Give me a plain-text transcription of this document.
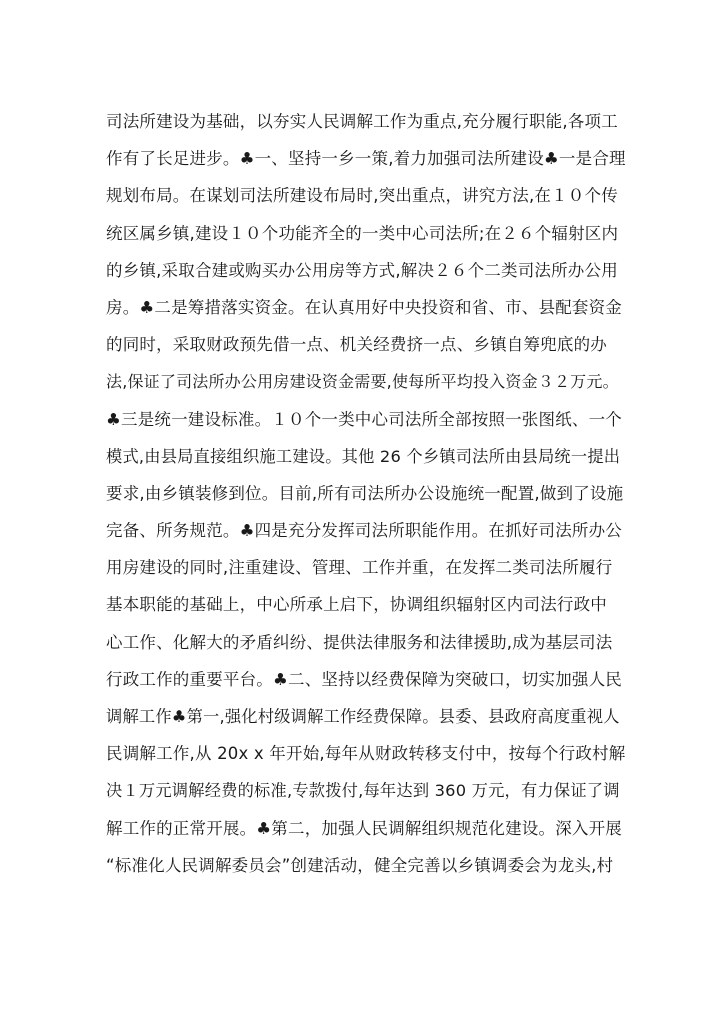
司法所建设为基础，以夯实人民调解工作为重点,充分履行职能,各项工
作有了长足进步。♣一、坚持一乡一策,着力加强司法所建设♣一是合理
规划布局。在谋划司法所建设布局时,突出重点，讲究方法,在１０个传
统区属乡镇,建设１０个功能齐全的一类中心司法所;在２６个辐射区内
的乡镇,采取合建或购买办公用房等方式,解决２６个二类司法所办公用
房。♣二是筹措落实资金。在认真用好中央投资和省、市、县配套资金
的同时，采取财政预先借一点、机关经费挤一点、乡镇自筹兜底的办
法,保证了司法所办公用房建设资金需要,使每所平均投入资金３２万元。
♣三是统一建设标准。１０个一类中心司法所全部按照一张图纸、一个
模式,由县局直接组织施工建设。其他 26 个乡镇司法所由县局统一提出
要求,由乡镇装修到位。目前,所有司法所办公设施统一配置,做到了设施
完备、所务规范。♣四是充分发挥司法所职能作用。在抓好司法所办公
用房建设的同时,注重建设、管理、工作并重，在发挥二类司法所履行
基本职能的基础上，中心所承上启下，协调组织辐射区内司法行政中
心工作、化解大的矛盾纠纷、提供法律服务和法律援助,成为基层司法
行政工作的重要平台。♣二、坚持以经费保障为突破口，切实加强人民
调解工作♣第一,强化村级调解工作经费保障。县委、县政府高度重视人
民调解工作,从 20x x 年开始,每年从财政转移支付中，按每个行政村解
决１万元调解经费的标准,专款拨付,每年达到 360 万元，有力保证了调
解工作的正常开展。♣第二，加强人民调解组织规范化建设。深入开展
“标准化人民调解委员会”创建活动，健全完善以乡镇调委会为龙头,村
